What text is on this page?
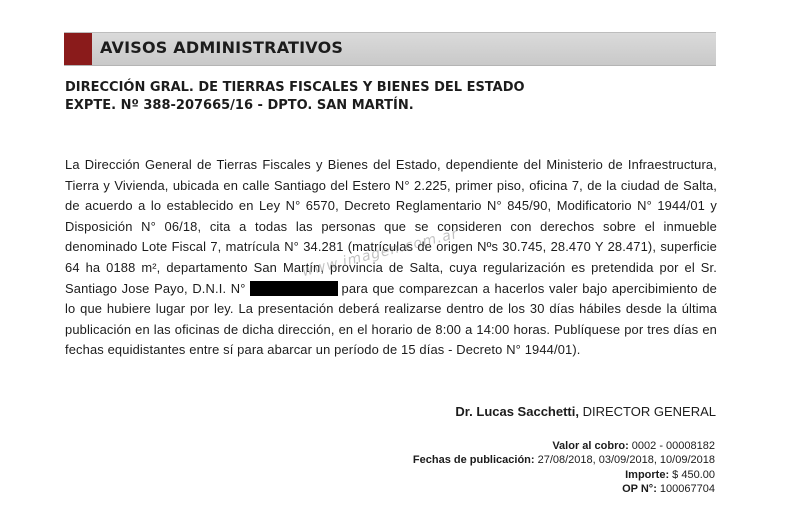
AVISOS ADMINISTRATIVOS
DIRECCIÓN GRAL. DE TIERRAS FISCALES Y BIENES DEL ESTADO
EXPTE. Nº 388-207665/16 - DPTO. SAN MARTÍN.
La Dirección General de Tierras Fiscales y Bienes del Estado, dependiente del Ministerio de Infraestructura, Tierra y Vivienda, ubicada en calle Santiago del Estero N° 2.225, primer piso, oficina 7, de la ciudad de Salta, de acuerdo a lo establecido en Ley N° 6570, Decreto Reglamentario N° 845/90, Modificatorio N° 1944/01 y Disposición N° 06/18, cita a todas las personas que se consideren con derechos sobre el inmueble denominado Lote Fiscal 7, matrícula N° 34.281 (matrículas de origen Nºs 30.745, 28.470 Y 28.471), superficie 64 ha 0188 m², departamento San Martín, provincia de Salta, cuya regularización es pretendida por el Sr. Santiago Jose Payo, D.N.I. N°	para que comparezcan a hacerlos valer bajo apercibimiento de lo que hubiere lugar por ley. La presentación deberá realizarse dentro de los 30 días hábiles desde la última publicación en las oficinas de dicha dirección, en el horario de 8:00 a 14:00 horas. Publíquese por tres días en fechas equidistantes entre sí para abarcar un período de 15 días - Decreto N° 1944/01).
www.imagen.com.ar
Dr. Lucas Sacchetti, DIRECTOR GENERAL
Valor al cobro: 0002 - 00008182
Fechas de publicación: 27/08/2018, 03/09/2018, 10/09/2018
Importe: $ 450.00
OP N°: 100067704
